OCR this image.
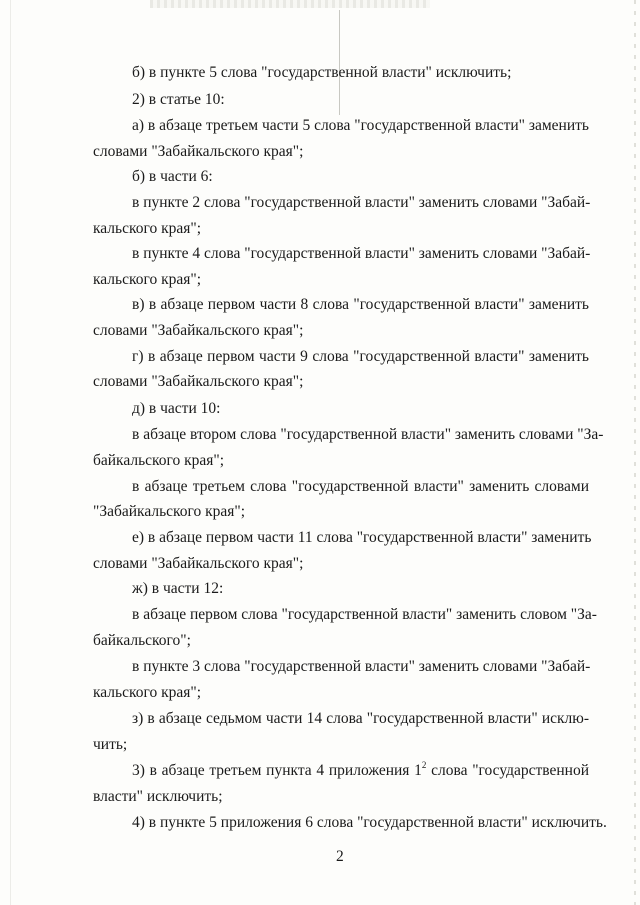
б) в пункте 5 слова "государственной власти" исключить;
2) в статье 10:
а) в абзаце третьем части 5 слова "государственной власти" заменить
словами "Забайкальского края";
б) в части 6:
в пункте 2 слова "государственной власти" заменить словами "Забай-
кальского края";
в пункте 4 слова "государственной власти" заменить словами "Забай-
кальского края";
в) в абзаце первом части 8 слова "государственной власти" заменить
словами "Забайкальского края";
г) в абзаце первом части 9 слова "государственной власти" заменить
словами "Забайкальского края";
д) в части 10:
в абзаце втором слова "государственной власти" заменить словами "За-
байкальского края";
в абзаце третьем слова "государственной власти" заменить словами
"Забайкальского края";
е) в абзаце первом части 11 слова "государственной власти" заменить
словами "Забайкальского края";
ж) в части 12:
в абзаце первом слова "государственной власти" заменить словом "За-
байкальского";
в пункте 3 слова "государственной власти" заменить словами "Забай-
кальского края";
з) в абзаце седьмом части 14 слова "государственной власти" исклю-
чить;
3) в абзаце третьем пункта 4 приложения $1^2$ слова "государственной
власти" исключить;
4) в пункте 5 приложения 6 слова "государственной власти" исключить.
2
